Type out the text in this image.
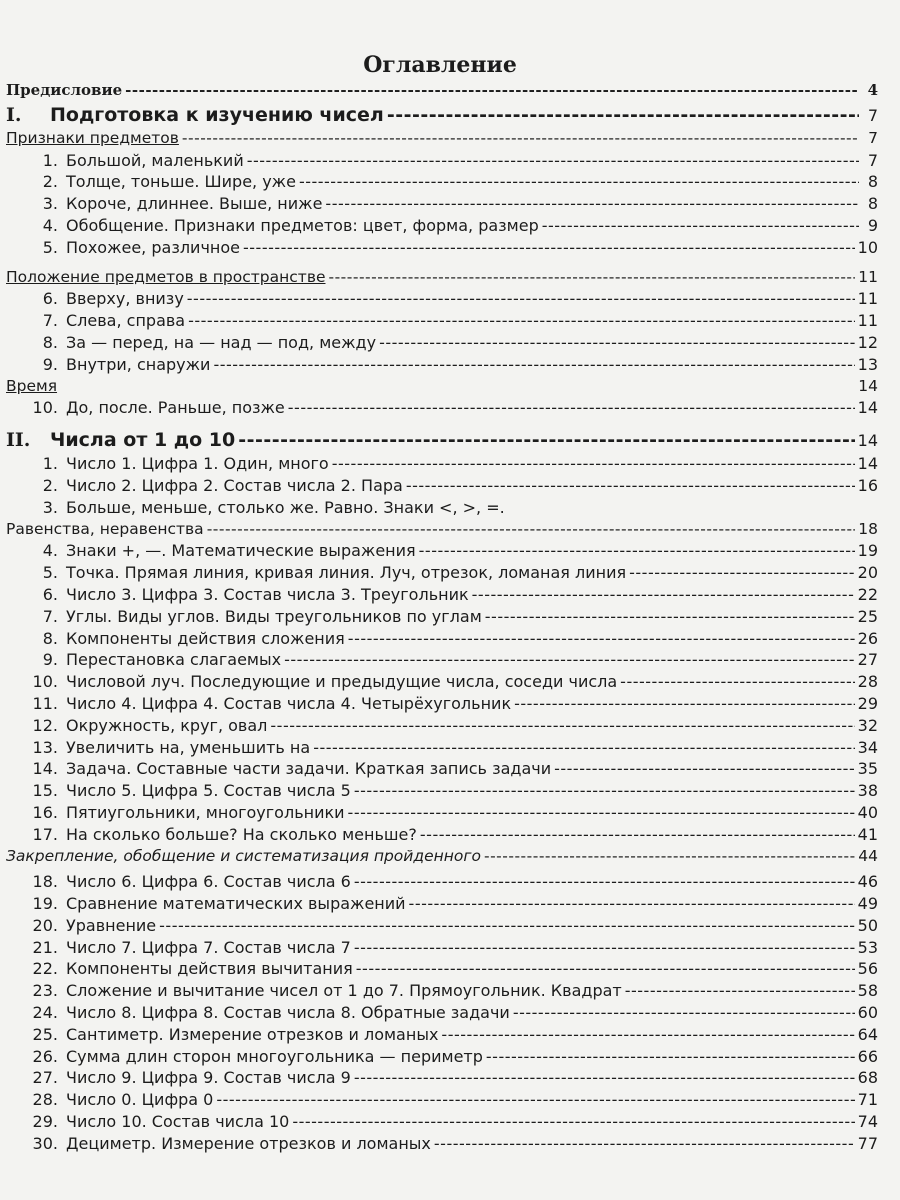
Оглавление
Предисловие -----	4
I.	Подготовка к изучению чисел -----	7
Признаки предметов -----	7
1. Большой, маленький -----	7
2. Толще, тоньше. Шире, уже -----	8
3. Короче, длиннее. Выше, ниже -----	8
4. Обобщение. Признаки предметов: цвет, форма, размер -----	9
5. Похожее, различное -----	10
Положение предметов в пространстве -----	11
6. Вверху, внизу -----	11
7. Слева, справа -----	11
8. За — перед, на — над — под, между -----	12
9. Внутри, снаружи -----	13
Время	14
10. До, после. Раньше, позже -----	14
II.	Числа от 1 до 10 -----	14
1. Число 1. Цифра 1. Один, много -----	14
2. Число 2. Цифра 2. Состав числа 2. Пара -----	16
3. Больше, меньше, столько же. Равно. Знаки <, >, =.
Равенства, неравенства -----	18
4. Знаки +, —. Математические выражения -----	19
5. Точка. Прямая линия, кривая линия. Луч, отрезок, ломаная линия -----	20
6. Число 3. Цифра 3. Состав числа 3. Треугольник -----	22
7. Углы. Виды углов. Виды треугольников по углам -----	25
8. Компоненты действия сложения -----	26
9. Перестановка слагаемых -----	27
10. Числовой луч. Последующие и предыдущие числа, соседи числа -----	28
11. Число 4. Цифра 4. Состав числа 4. Четырёхугольник -----	29
12. Окружность, круг, овал -----	32
13. Увеличить на, уменьшить на -----	34
14. Задача. Составные части задачи. Краткая запись задачи -----	35
15. Число 5. Цифра 5. Состав числа 5 -----	38
16. Пятиугольники, многоугольники -----	40
17. На сколько больше? На сколько меньше? -----	41
Закрепление, обобщение и систематизация пройденного -----	44
18. Число 6. Цифра 6. Состав числа 6 -----	46
19. Сравнение математических выражений -----	49
20. Уравнение -----	50
21. Число 7. Цифра 7. Состав числа 7 -----	53
22. Компоненты действия вычитания -----	56
23. Сложение и вычитание чисел от 1 до 7. Прямоугольник. Квадрат -----	58
24. Число 8. Цифра 8. Состав числа 8. Обратные задачи -----	60
25. Сантиметр. Измерение отрезков и ломаных -----	64
26. Сумма длин сторон многоугольника — периметр -----	66
27. Число 9. Цифра 9. Состав числа 9 -----	68
28. Число 0. Цифра 0 -----	71
29. Число 10. Состав числа 10 -----	74
30. Дециметр. Измерение отрезков и ломаных -----	77
